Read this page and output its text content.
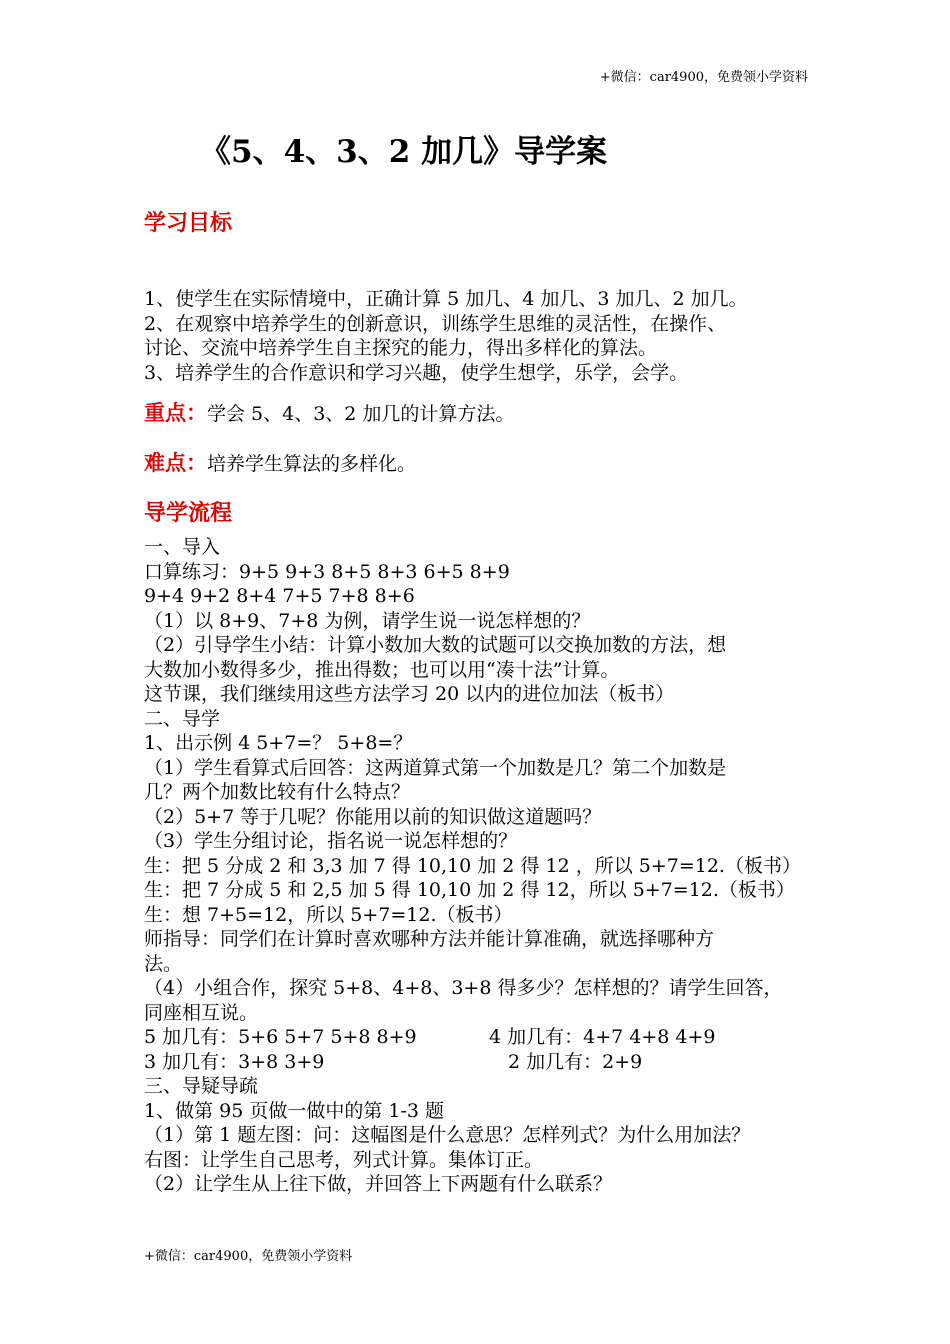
+微信：car4900，免费领小学资料
《5、4、3、2 加几》导学案
学习目标
1、使学生在实际情境中，正确计算 5 加几、4 加几、3 加几、2 加几。
2、在观察中培养学生的创新意识，训练学生思维的灵活性，在操作、
讨论、交流中培养学生自主探究的能力，得出多样化的算法。
3、培养学生的合作意识和学习兴趣，使学生想学，乐学，会学。
重点：学会 5、4、3、2 加几的计算方法。
难点：培养学生算法的多样化。
导学流程
一、导入
口算练习：9+5 9+3 8+5 8+3 6+5 8+9
9+4 9+2 8+4 7+5 7+8 8+6
（1）以 8+9、7+8 为例，请学生说一说怎样想的？
（2）引导学生小结：计算小数加大数的试题可以交换加数的方法，想
大数加小数得多少，推出得数；也可以用“凑十法”计算。
这节课，我们继续用这些方法学习 20 以内的进位加法（板书）
二、导学
1、出示例 4 5+7=？ 5+8=？
（1）学生看算式后回答：这两道算式第一个加数是几？第二个加数是
几？两个加数比较有什么特点？
（2）5+7 等于几呢？你能用以前的知识做这道题吗？
（3）学生分组讨论，指名说一说怎样想的？
生：把 5 分成 2 和 3,3 加 7 得 10,10 加 2 得 12 ，所以 5+7=12.（板书）
生：把 7 分成 5 和 2,5 加 5 得 10,10 加 2 得 12，所以 5+7=12.（板书）
生：想 7+5=12，所以 5+7=12.（板书）
师指导：同学们在计算时喜欢哪种方法并能计算准确，就选择哪种方
法。
（4）小组合作，探究 5+8、4+8、3+8 得多少？怎样想的？请学生回答，
同座相互说。
5 加几有：5+6 5+7 5+8 8+9	4 加几有：4+7 4+8 4+9
3 加几有：3+8 3+9	2 加几有：2+9
三、导疑导疏
1、做第 95 页做一做中的第 1-3 题
（1）第 1 题左图：问：这幅图是什么意思？怎样列式？为什么用加法？
右图：让学生自己思考，列式计算。集体订正。
（2）让学生从上往下做，并回答上下两题有什么联系？
+微信：car4900，免费领小学资料
